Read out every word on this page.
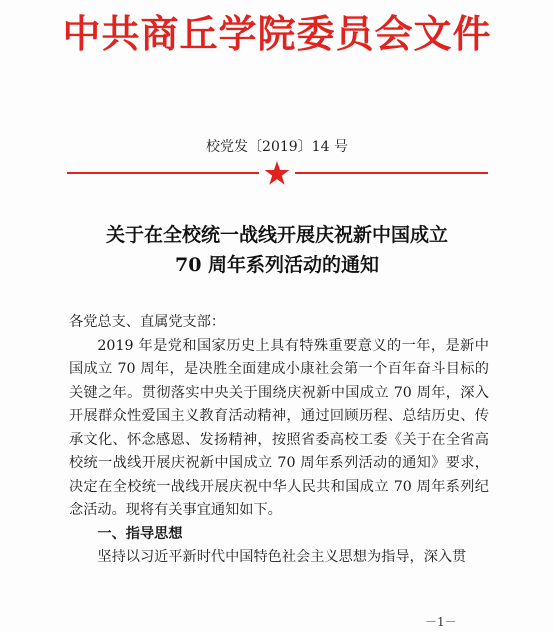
中共商丘学院委员会文件
校党发〔2019〕14 号
关于在全校统一战线开展庆祝新中国成立
70 周年系列活动的通知

各党总支、直属党支部：

2019 年是党和国家历史上具有特殊重要意义的一年，是新中国成立 70 周年，是决胜全面建成小康社会第一个百年奋斗目标的关键之年。贯彻落实中央关于围绕庆祝新中国成立 70 周年，深入开展群众性爱国主义教育活动精神，通过回顾历程、总结历史、传承文化、怀念感恩、发扬精神，按照省委高校工委《关于在全省高校统一战线开展庆祝新中国成立 70 周年系列活动的通知》要求，决定在全校统一战线开展庆祝中华人民共和国成立 70 周年系列纪念活动。现将有关事宜通知如下。

一、指导思想

坚持以习近平新时代中国特色社会主义思想为指导，深入贯

－1－
